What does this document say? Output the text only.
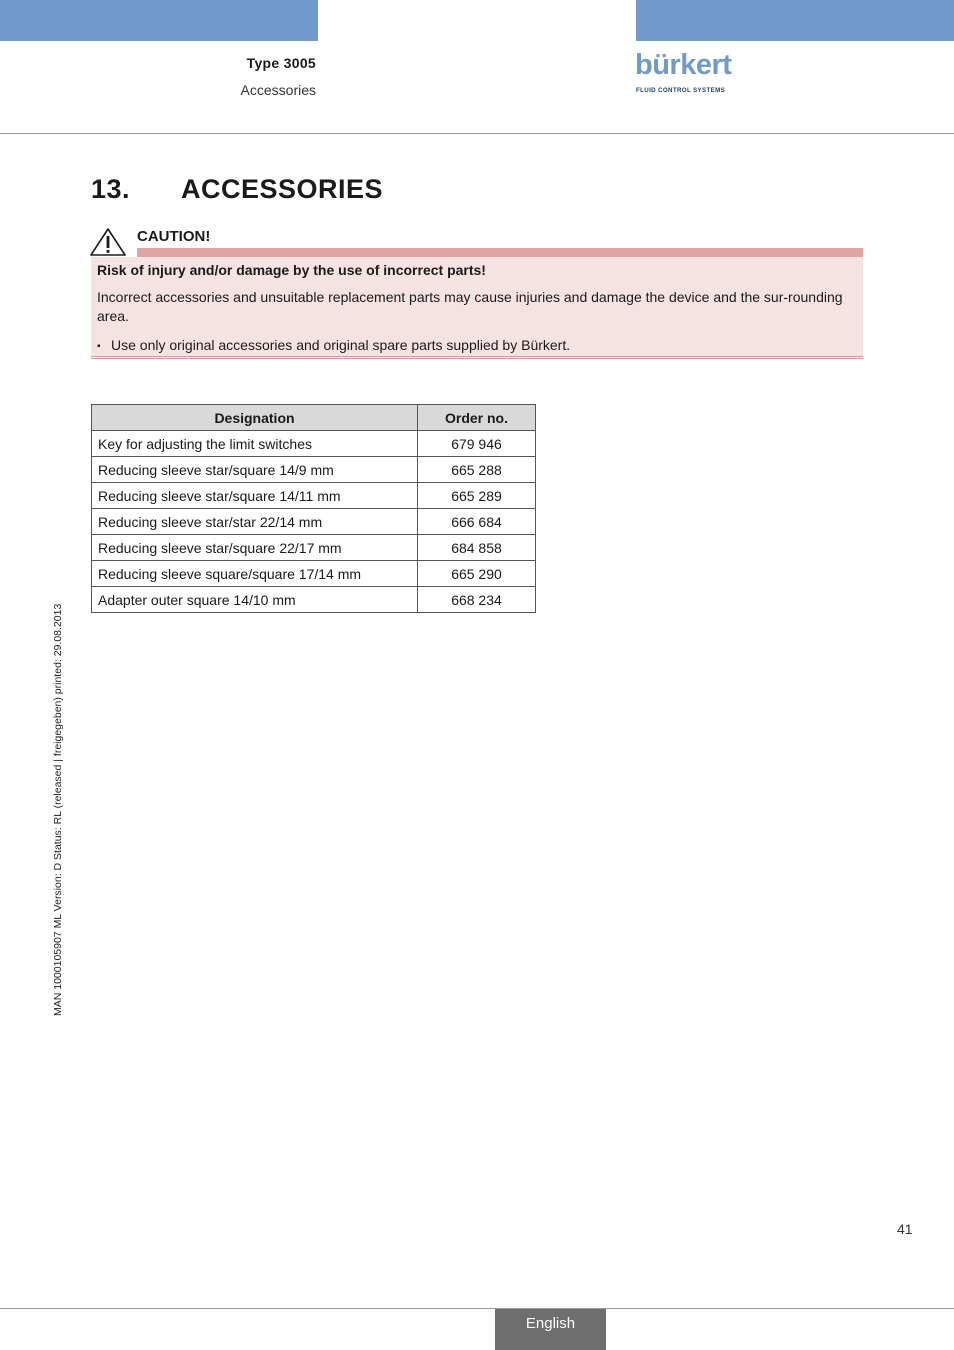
Type 3005
Accessories
bürkert
FLUID CONTROL SYSTEMS
13. ACCESSORIES
CAUTION!

Risk of injury and/or damage by the use of incorrect parts!

Incorrect accessories and unsuitable replacement parts may cause injuries and damage the device and the sur-rounding area.

▪ Use only original accessories and original spare parts supplied by Bürkert.

Designation	Order no.
Key for adjusting the limit switches	679 946
Reducing sleeve star/square 14/9 mm	665 288
Reducing sleeve star/square 14/11 mm	665 289
Reducing sleeve star/star 22/14 mm	666 684
Reducing sleeve star/square 22/17 mm	684 858
Reducing sleeve square/square 17/14 mm	665 290
Adapter outer square 14/10 mm	668 234
MAN 1000105907 ML Version: D Status: RL (released | freigegeben) printed: 29.08.2013
41
English
